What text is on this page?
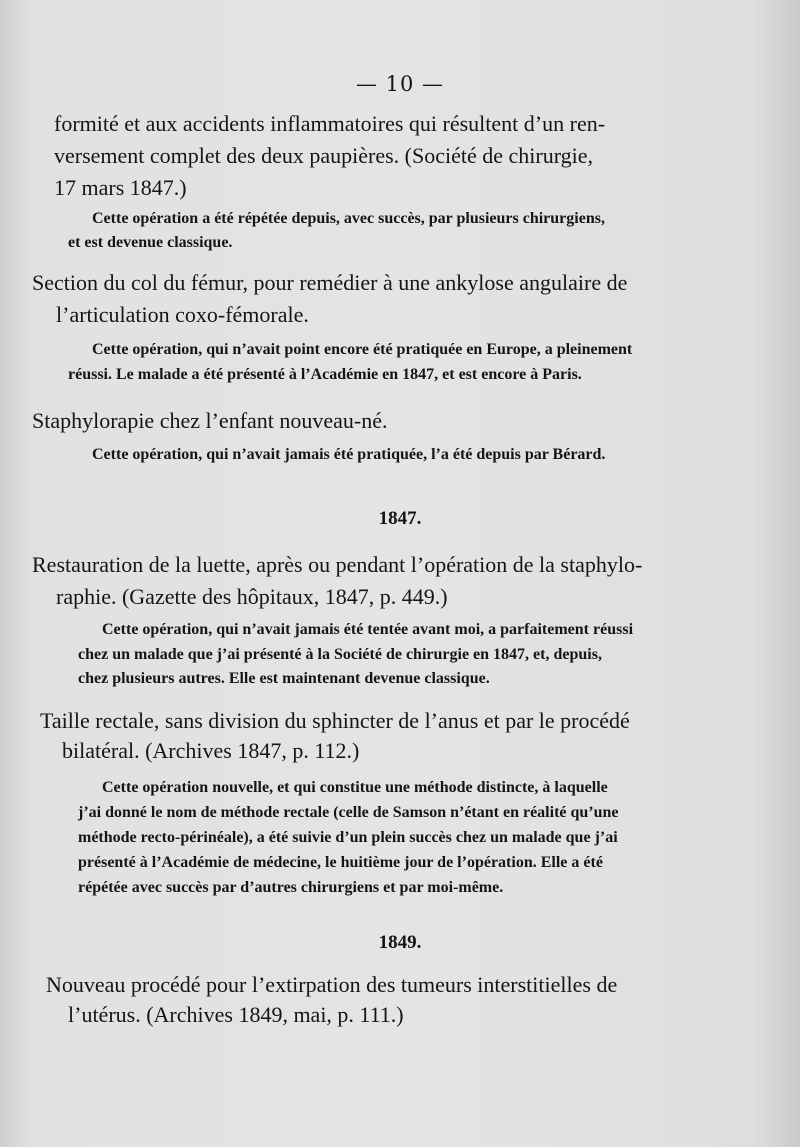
— 10 —
formité et aux accidents inflammatoires qui résultent d’un ren-
versement complet des deux paupières. (Société de chirurgie,
17 mars 1847.)
Cette opération a été répétée depuis, avec succès, par plusieurs chirurgiens,
et est devenue classique.
Section du col du fémur, pour remédier à une ankylose angulaire de
l’articulation coxo-fémorale.
Cette opération, qui n’avait point encore été pratiquée en Europe, a pleinement
réussi. Le malade a été présenté à l’Académie en 1847, et est encore à Paris.
Staphylorapie chez l’enfant nouveau-né.
Cette opération, qui n’avait jamais été pratiquée, l’a été depuis par Bérard.
1847.
Restauration de la luette, après ou pendant l’opération de la staphylo-
raphie. (Gazette des hôpitaux, 1847, p. 449.)
Cette opération, qui n’avait jamais été tentée avant moi, a parfaitement réussi
chez un malade que j’ai présenté à la Société de chirurgie en 1847, et, depuis,
chez plusieurs autres. Elle est maintenant devenue classique.
Taille rectale, sans division du sphincter de l’anus et par le procédé
bilatéral. (Archives 1847, p. 112.)
Cette opération nouvelle, et qui constitue une méthode distincte, à laquelle
j’ai donné le nom de méthode rectale (celle de Samson n’étant en réalité qu’une
méthode recto-périnéale), a été suivie d’un plein succès chez un malade que j’ai
présenté à l’Académie de médecine, le huitième jour de l’opération. Elle a été
répétée avec succès par d’autres chirurgiens et par moi-même.
1849.
Nouveau procédé pour l’extirpation des tumeurs interstitielles de
l’utérus. (Archives 1849, mai, p. 111.)
